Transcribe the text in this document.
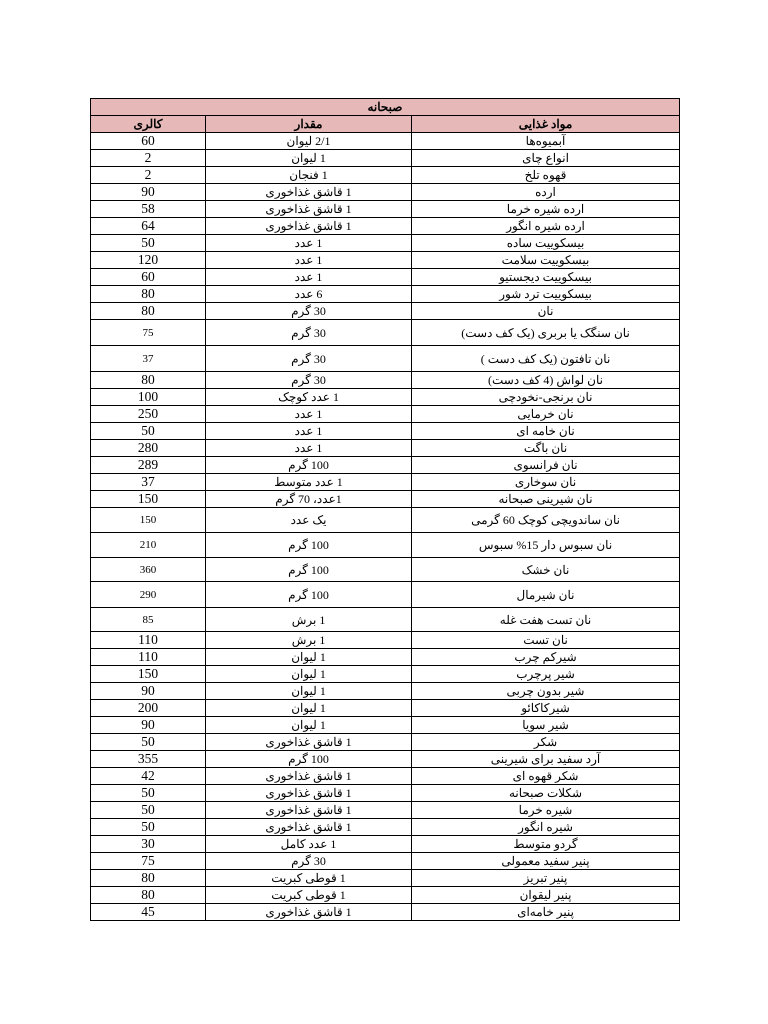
صبحانه		
مواد غذایی	مقدار	کالری
آبمیوه‌ها	2/1 لیوان	60
انواع چای	1 لیوان	2
قهوه تلخ	1 فنجان	2
ارده	1 قاشق غذاخوری	90
ارده شیره خرما	1 قاشق غذاخوری	58
ارده شیره انگور	1 قاشق غذاخوری	64
بیسکوییت ساده	1 عدد	50
بیسکوییت سلامت	1 عدد	120
بیسکوییت دیجستیو	1 عدد	60
بیسکوییت ترد شور	6 عدد	80
نان	30 گرم	80
نان سنگک یا بربری (یک کف دست)	30 گرم	75
نان تافتون (یک کف دست )	30 گرم	37
نان لواش (4 کف دست)	30 گرم	80
نان برنجی-نخودچی	1 عدد کوچک	100
نان خرمایی	1 عدد	250
نان خامه ای	1 عدد	50
نان باگت	1 عدد	280
نان فرانسوی	100 گرم	289
نان سوخاری	1 عدد متوسط	37
نان شیرینی صبحانه	1عدد، 70 گرم	150
نان ساندویچی کوچک 60 گرمی	یک عدد	150
نان سبوس دار 15% سبوس	100 گرم	210
نان خشک	100 گرم	360
نان شیرمال	100 گرم	290
نان تست هفت غله	1 برش	85
نان تست	1 برش	110
شیرکم چرب	1 لیوان	110
شیر پرچرب	1 لیوان	150
شیر بدون چربی	1 لیوان	90
شیرکاکائو	1 لیوان	200
شیر سویا	1 لیوان	90
شکر	1 قاشق غذاخوری	50
آرد سفید برای شیرینی	100 گرم	355
شکر قهوه ای	1 قاشق غذاخوری	42
شکلات صبحانه	1 قاشق غذاخوری	50
شیره خرما	1 قاشق غذاخوری	50
شیره انگور	1 قاشق غذاخوری	50
گردو متوسط	1 عدد کامل	30
پنیر سفید معمولی	30 گرم	75
پنیر تبریز	1 قوطی کبریت	80
پنیر لیقوان	1 قوطی کبریت	80
پنیر خامه‌ای	1 قاشق غذاخوری	45
